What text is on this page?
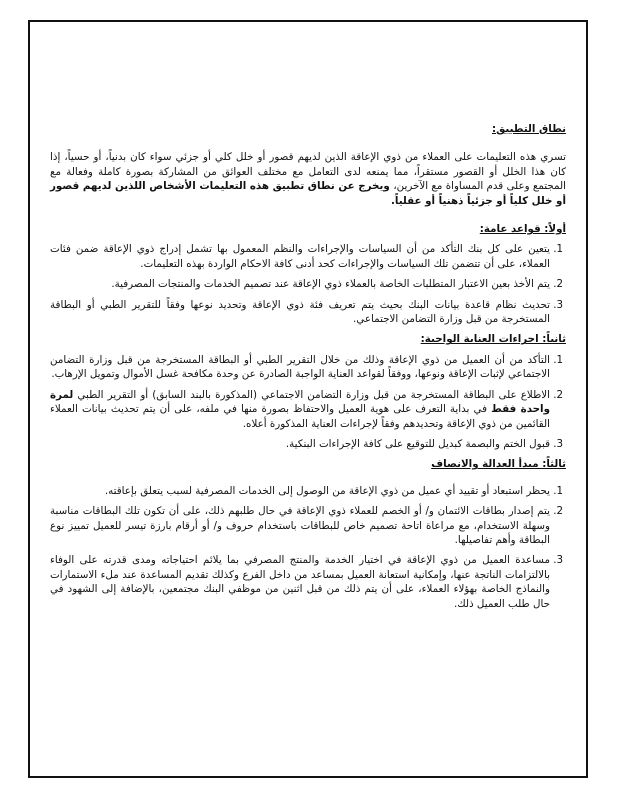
نطاق التطبيق:

تسري هذه التعليمات على العملاء من ذوي الإعاقة الذين لديهم قصور أو خلل كلي أو جزئي سواء كان بدنياً، أو حسياً، إذا كان هذا الخلل أو القصور مستقراً، مما يمنعه لدى التعامل مع مختلف العوائق من المشاركة بصورة كاملة وفعالة مع المجتمع وعلى قدم المساواة مع الآخرين، ويخرج عن نطاق تطبيق هذه التعليمات الأشخاص اللذين لديهم قصور أو خلل كلياً أو جزئياً ذهنياً أو عقلياً.

أولاً: قواعد عامة:

1. يتعين على كل بنك التأكد من أن السياسات والإجراءات والنظم المعمول بها تشمل إدراج ذوي الإعاقة ضمن فئات العملاء، على أن تتضمن تلك السياسات والإجراءات كحد أدنى كافة الاحكام الواردة بهذه التعليمات.
2. يتم الأخذ بعين الاعتبار المتطلبات الخاصة بالعملاء ذوي الإعاقة عند تصميم الخدمات والمنتجات المصرفية.
3. تحديث نظام قاعدة بيانات البنك بحيث يتم تعريف فئة ذوي الإعاقة وتحديد نوعها وفقاً للتقرير الطبي أو البطاقة المستخرجة من قبل وزارة التضامن الاجتماعي.

ثانياً: اجراءات العناية الواجبة:

1. التأكد من أن العميل من ذوي الإعاقة وذلك من خلال التقرير الطبي أو البطاقة المستخرجة من قبل وزارة التضامن الاجتماعي لإثبات الإعاقة ونوعها، ووفقاً لقواعد العناية الواجبة الصادرة عن وحدة مكافحة غسل الأموال وتمويل الإرهاب.
2. الاطلاع على البطاقة المستخرجة من قبل وزارة التضامن الاجتماعي (المذكورة بالبند السابق) أو التقرير الطبي لمرة واحدة فقط في بداية التعرف على هوية العميل والاحتفاظ بصورة منها في ملفه، على أن يتم تحديث بيانات العملاء القائمين من ذوي الإعاقة وتحديدهم وفقاً لإجراءات العناية المذكورة أعلاه.
3. قبول الختم والبصمة كبديل للتوقيع على كافة الإجراءات البنكية.

ثالثاً: مبدأ العدالة والانصاف

1. يحظر استبعاد أو تقييد أي عميل من ذوي الإعاقة من الوصول إلى الخدمات المصرفية لسبب يتعلق بإعاقته.
2. يتم إصدار بطاقات الائتمان و/ أو الخصم للعملاء ذوي الإعاقة في حال طلبهم ذلك، على أن تكون تلك البطاقات مناسبة وسهلة الاستخدام، مع مراعاة اتاحة تصميم خاص للبطاقات باستخدام حروف و/ أو أرقام بارزة تيسر للعميل تمييز نوع البطاقة وأهم تفاصيلها.
3. مساعدة العميل من ذوي الإعاقة في اختيار الخدمة والمنتج المصرفي بما يلائم احتياجاته ومدى قدرته على الوفاء بالالتزامات الناتجة عنها، وإمكانية استعانة العميل بمساعد من داخل الفرع وكذلك تقديم المساعدة عند ملء الاستمارات والنماذج الخاصة بهؤلاء العملاء، على أن يتم ذلك من قبل اثنين من موظفي البنك مجتمعين، بالإضافة إلى الشهود في حال طلب العميل ذلك.
